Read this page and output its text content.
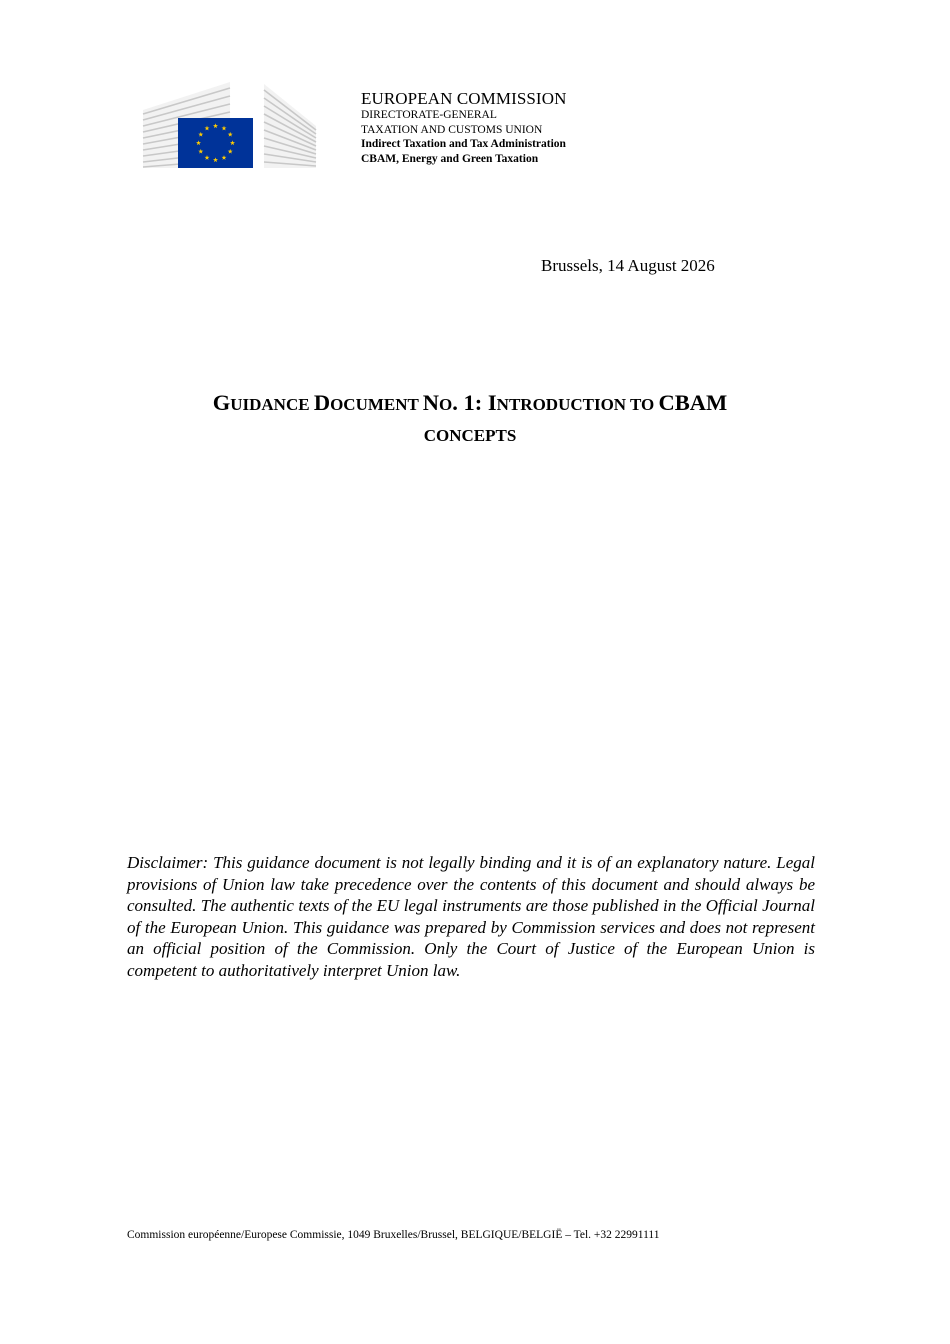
EUROPEAN COMMISSION
DIRECTORATE-GENERAL
TAXATION AND CUSTOMS UNION
Indirect Taxation and Tax Administration
CBAM, Energy and Green Taxation
Brussels, 14 August 2026
GUIDANCE DOCUMENT NO. 1: INTRODUCTION TO CBAM
CONCEPTS

Disclaimer: This guidance document is not legally binding and it is of an explanatory nature. Legal provisions of Union law take precedence over the contents of this document and should always be consulted. The authentic texts of the EU legal instruments are those published in the Official Journal of the European Union. This guidance was prepared by Commission services and does not represent an official position of the Commission. Only the Court of Justice of the European Union is competent to authoritatively interpret Union law.

Commission européenne/Europese Commissie, 1049 Bruxelles/Brussel, BELGIQUE/BELGIË – Tel. +32 22991111
